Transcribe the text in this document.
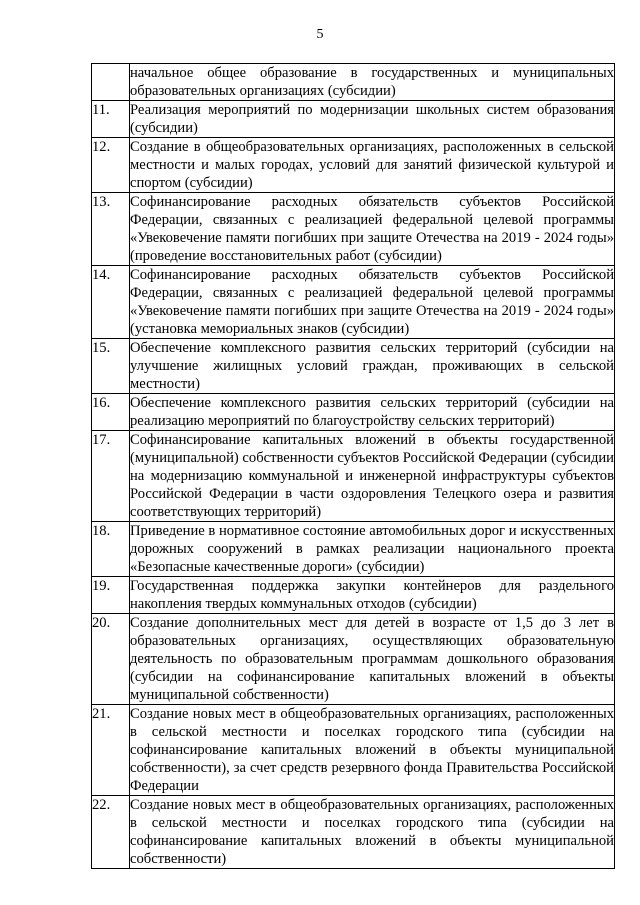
5
	начальное общее образование в государственных и муниципальных образовательных организациях (субсидии)
11.	Реализация мероприятий по модернизации школьных систем образования (субсидии)
12.	Создание в общеобразовательных организациях, расположенных в сельской местности и малых городах, условий для занятий физической культурой и спортом (субсидии)
13.	Софинансирование расходных обязательств субъектов Российской Федерации, связанных с реализацией федеральной целевой программы «Увековечение памяти погибших при защите Отечества на 2019 - 2024 годы» (проведение восстановительных работ (субсидии)
14.	Софинансирование расходных обязательств субъектов Российской Федерации, связанных с реализацией федеральной целевой программы «Увековечение памяти погибших при защите Отечества на 2019 - 2024 годы» (установка мемориальных знаков (субсидии)
15.	Обеспечение комплексного развития сельских территорий (субсидии на улучшение жилищных условий граждан, проживающих в сельской местности)
16.	Обеспечение комплексного развития сельских территорий (субсидии на реализацию мероприятий по благоустройству сельских территорий)
17.	Софинансирование капитальных вложений в объекты государственной (муниципальной) собственности субъектов Российской Федерации (субсидии на модернизацию коммунальной и инженерной инфраструктуры субъектов Российской Федерации в части оздоровления Телецкого озера и развития соответствующих территорий)
18.	Приведение в нормативное состояние автомобильных дорог и искусственных дорожных сооружений в рамках реализации национального проекта «Безопасные качественные дороги» (субсидии)
19.	Государственная поддержка закупки контейнеров для раздельного накопления твердых коммунальных отходов (субсидии)
20.	Создание дополнительных мест для детей в возрасте от 1,5 до 3 лет в образовательных организациях, осуществляющих образовательную деятельность по образовательным программам дошкольного образования (субсидии на софинансирование капитальных вложений в объекты муниципальной собственности)
21.	Создание новых мест в общеобразовательных организациях, расположенных в сельской местности и поселках городского типа (субсидии на софинансирование капитальных вложений в объекты муниципальной собственности), за счет средств резервного фонда Правительства Российской Федерации
22.	Создание новых мест в общеобразовательных организациях, расположенных в сельской местности и поселках городского типа (субсидии на софинансирование капитальных вложений в объекты муниципальной собственности)
